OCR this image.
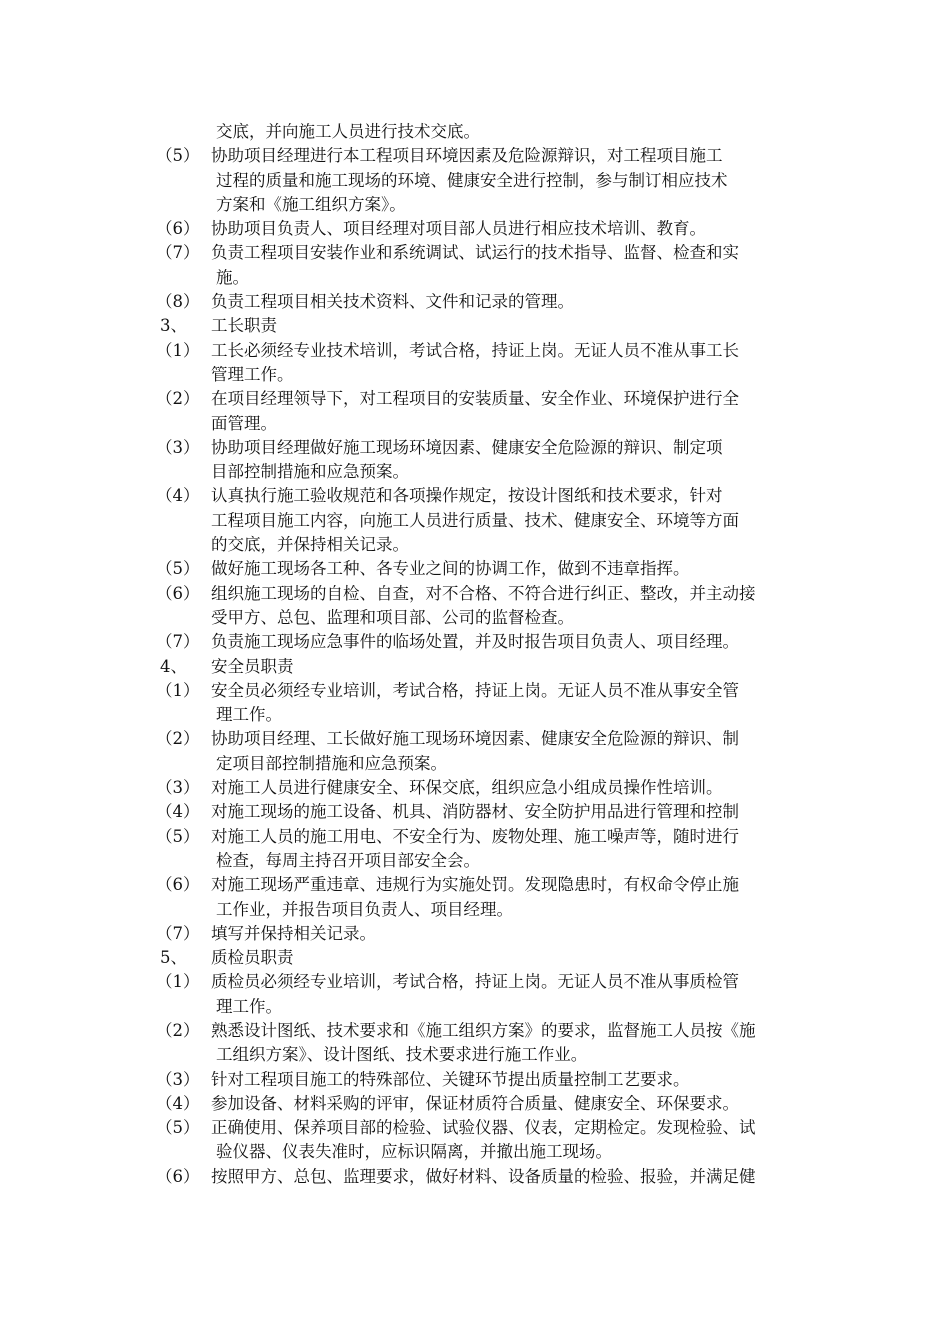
交底，并向施工人员进行技术交底。
（5） 协助项目经理进行本工程项目环境因素及危险源辩识，对工程项目施工
过程的质量和施工现场的环境、健康安全进行控制，参与制订相应技术
方案和《施工组织方案》。
（6） 协助项目负责人、项目经理对项目部人员进行相应技术培训、教育。
（7） 负责工程项目安装作业和系统调试、试运行的技术指导、监督、检查和实
施。
（8） 负责工程项目相关技术资料、文件和记录的管理。
3、 工长职责
（1） 工长必须经专业技术培训，考试合格，持证上岗。无证人员不准从事工长
管理工作。
（2） 在项目经理领导下，对工程项目的安装质量、安全作业、环境保护进行全
面管理。
（3） 协助项目经理做好施工现场环境因素、健康安全危险源的辩识、制定项
目部控制措施和应急预案。
（4） 认真执行施工验收规范和各项操作规定，按设计图纸和技术要求，针对
工程项目施工内容，向施工人员进行质量、技术、健康安全、环境等方面
的交底，并保持相关记录。
（5） 做好施工现场各工种、各专业之间的协调工作，做到不违章指挥。
（6） 组织施工现场的自检、自查，对不合格、不符合进行纠正、整改，并主动接
受甲方、总包、监理和项目部、公司的监督检查。
（7） 负责施工现场应急事件的临场处置，并及时报告项目负责人、项目经理。
4、 安全员职责
（1） 安全员必须经专业培训，考试合格，持证上岗。无证人员不准从事安全管
理工作。
（2） 协助项目经理、工长做好施工现场环境因素、健康安全危险源的辩识、制
定项目部控制措施和应急预案。
（3） 对施工人员进行健康安全、环保交底，组织应急小组成员操作性培训。
（4） 对施工现场的施工设备、机具、消防器材、安全防护用品进行管理和控制
（5） 对施工人员的施工用电、不安全行为、废物处理、施工噪声等，随时进行
检查，每周主持召开项目部安全会。
（6） 对施工现场严重违章、违规行为实施处罚。发现隐患时，有权命令停止施
工作业，并报告项目负责人、项目经理。
（7） 填写并保持相关记录。
5、 质检员职责
（1） 质检员必须经专业培训，考试合格，持证上岗。无证人员不准从事质检管
理工作。
（2） 熟悉设计图纸、技术要求和《施工组织方案》的要求，监督施工人员按《施
工组织方案》、设计图纸、技术要求进行施工作业。
（3） 针对工程项目施工的特殊部位、关键环节提出质量控制工艺要求。
（4） 参加设备、材料采购的评审，保证材质符合质量、健康安全、环保要求。
（5） 正确使用、保养项目部的检验、试验仪器、仪表，定期检定。发现检验、试
验仪器、仪表失准时，应标识隔离，并撤出施工现场。
（6） 按照甲方、总包、监理要求，做好材料、设备质量的检验、报验，并满足健
